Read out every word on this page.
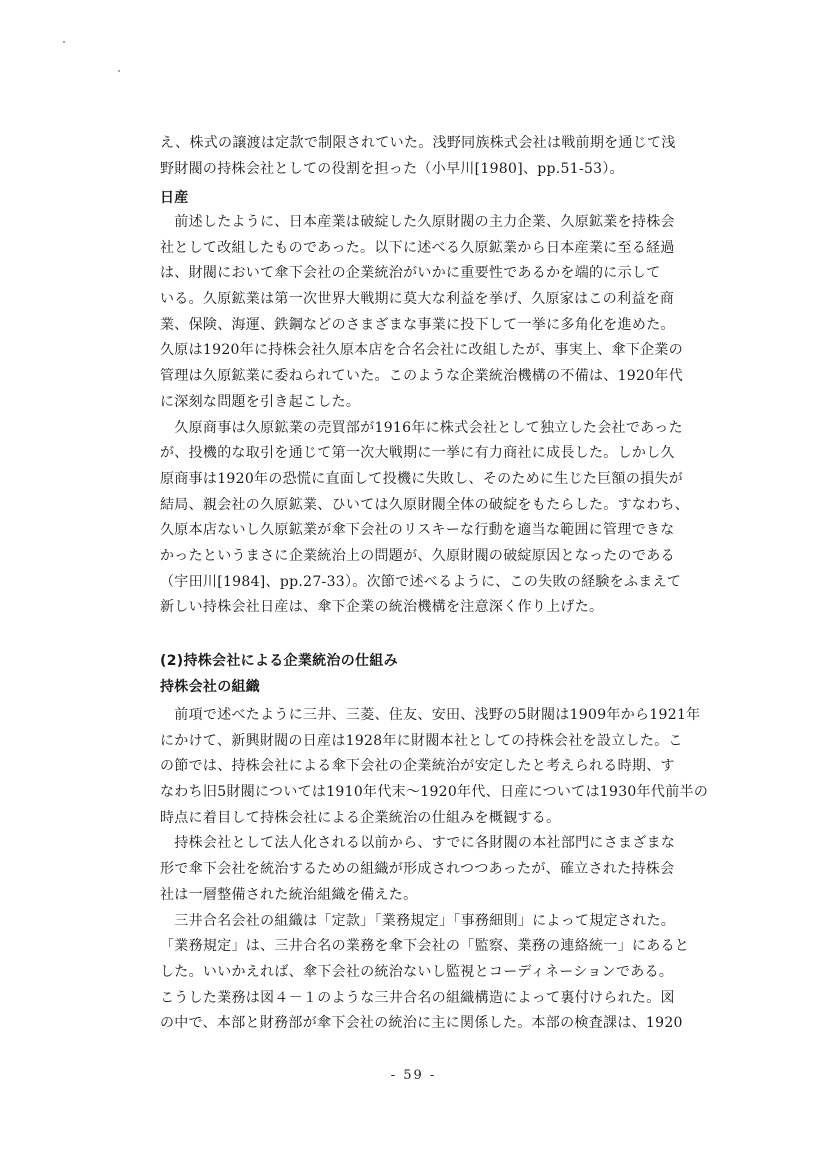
え、株式の譲渡は定款で制限されていた。浅野同族株式会社は戦前期を通じて浅
野財閥の持株会社としての役割を担った（小早川[1980]、pp.51-53）。
日産
　前述したように、日本産業は破綻した久原財閥の主力企業、久原鉱業を持株会
社として改組したものであった。以下に述べる久原鉱業から日本産業に至る経過
は、財閥において傘下会社の企業統治がいかに重要性であるかを端的に示して
いる。久原鉱業は第一次世界大戦期に莫大な利益を挙げ、久原家はこの利益を商
業、保険、海運、鉄鋼などのさまざまな事業に投下して一挙に多角化を進めた。
久原は1920年に持株会社久原本店を合名会社に改組したが、事実上、傘下企業の
管理は久原鉱業に委ねられていた。このような企業統治機構の不備は、1920年代
に深刻な問題を引き起こした。
　久原商事は久原鉱業の売買部が1916年に株式会社として独立した会社であった
が、投機的な取引を通じて第一次大戦期に一挙に有力商社に成長した。しかし久
原商事は1920年の恐慌に直面して投機に失敗し、そのために生じた巨額の損失が
結局、親会社の久原鉱業、ひいては久原財閥全体の破綻をもたらした。すなわち、
久原本店ないし久原鉱業が傘下会社のリスキーな行動を適当な範囲に管理できな
かったというまさに企業統治上の問題が、久原財閥の破綻原因となったのである
（宇田川[1984]、pp.27-33）。次節で述べるように、この失敗の経験をふまえて
新しい持株会社日産は、傘下企業の統治機構を注意深く作り上げた。
(2)持株会社による企業統治の仕組み
持株会社の組織
　前項で述べたように三井、三菱、住友、安田、浅野の5財閥は1909年から1921年
にかけて、新興財閥の日産は1928年に財閥本社としての持株会社を設立した。こ
の節では、持株会社による傘下会社の企業統治が安定したと考えられる時期、す
なわち旧5財閥については1910年代末～1920年代、日産については1930年代前半の
時点に着目して持株会社による企業統治の仕組みを概観する。
　持株会社として法人化される以前から、すでに各財閥の本社部門にさまざまな
形で傘下会社を統治するための組織が形成されつつあったが、確立された持株会
社は一層整備された統治組織を備えた。
　三井合名会社の組織は「定款」「業務規定」「事務細則」によって規定された。
「業務規定」は、三井合名の業務を傘下会社の「監察、業務の連絡統一」にあると
した。いいかえれば、傘下会社の統治ないし監視とコーディネーションである。
こうした業務は図４－１のような三井合名の組織構造によって裏付けられた。図
の中で、本部と財務部が傘下会社の統治に主に関係した。本部の検査課は、1920
- 59 -
